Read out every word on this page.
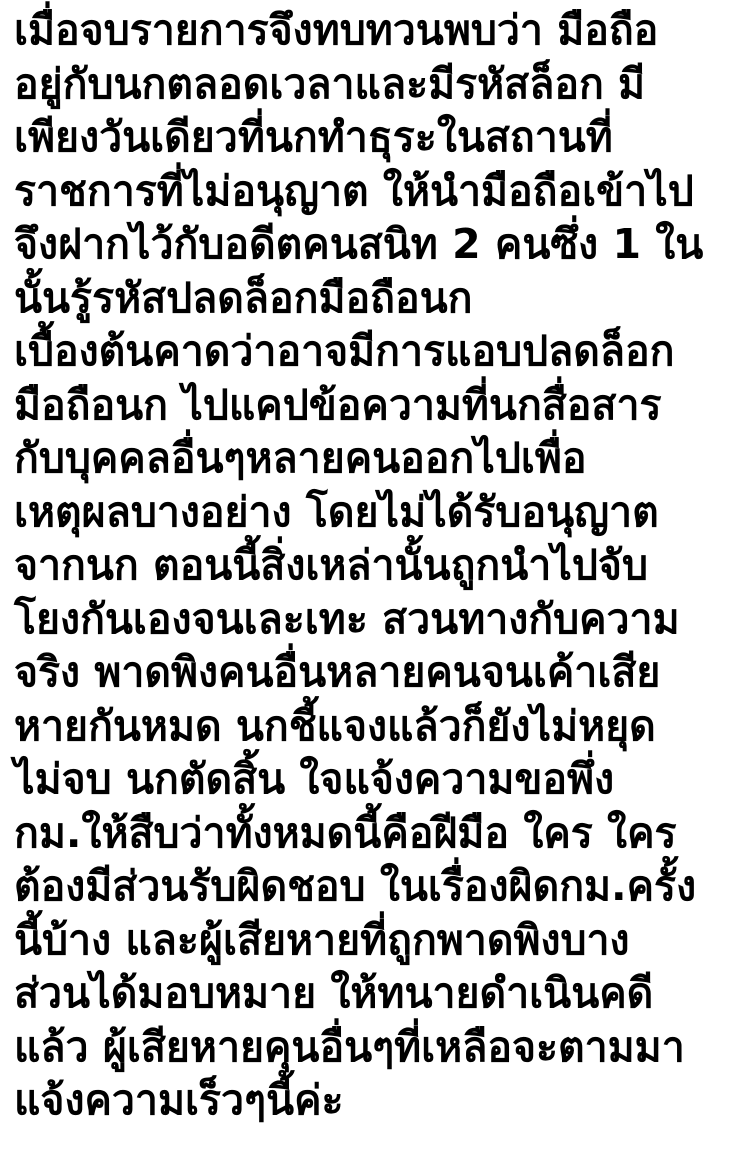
เมื่อจบรายการจึงทบทวนพบว่า มือถือ
อยู่กับนกตลอดเวลาและมีรหัสล็อก มี
เพียงวันเดียวที่นกทำธุระในสถานที่
ราชการที่ไม่อนุญาต ให้นำมือถือเข้าไป
จึงฝากไว้กับอดีตคนสนิท 2 คนซึ่ง 1 ใน
นั้นรู้รหัสปลดล็อกมือถือนก
เบื้องต้นคาดว่าอาจมีการแอบปลดล็อก
มือถือนก ไปแคปข้อความที่นกสื่อสาร
กับบุคคลอื่นๆหลายคนออกไปเพื่อ
เหตุผลบางอย่าง โดยไม่ได้รับอนุญาต
จากนก ตอนนี้สิ่งเหล่านั้นถูกนำไปจับ
โยงกันเองจนเละเทะ สวนทางกับความ
จริง พาดพิงคนอื่นหลายคนจนเค้าเสีย
หายกันหมด นกชี้แจงแล้วก็ยังไม่หยุด
ไม่จบ นกตัดสิ้น ใจแจ้งความขอพึ่ง
กม.ให้สืบว่าทั้งหมดนี้คือฝีมือ ใคร ใคร
ต้องมีส่วนรับผิดชอบ ในเรื่องผิดกม.ครั้ง
นี้บ้าง และผู้เสียหายที่ถูกพาดพิงบาง
ส่วนได้มอบหมาย ให้ทนายดำเนินคดี
แล้ว ผู้เสียหายคุนอื่นๆที่เหลือจะตามมา
แจ้งความเร็วๆนี้ค่ะ
